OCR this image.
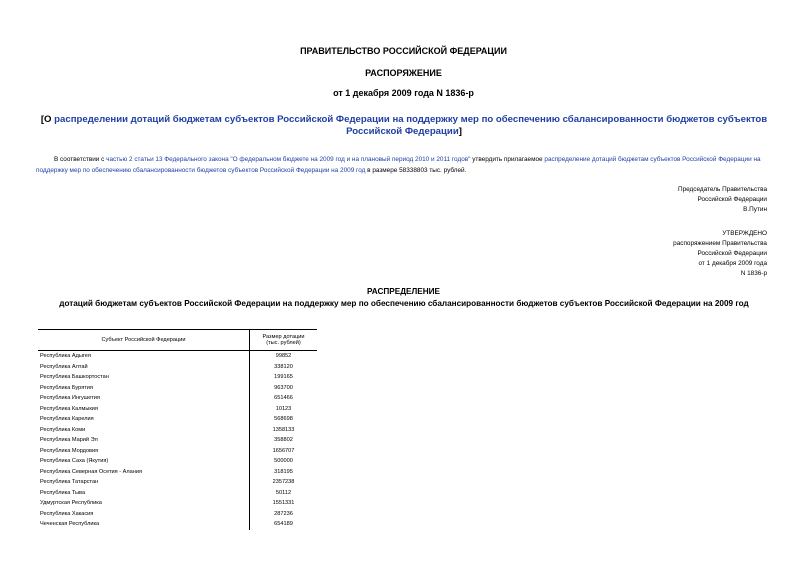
ПРАВИТЕЛЬСТВО РОССИЙСКОЙ ФЕДЕРАЦИИ
РАСПОРЯЖЕНИЕ
от 1 декабря 2009 года N 1836-р
[О распределении дотаций бюджетам субъектов Российской Федерации на поддержку мер по обеспечению сбалансированности бюджетов субъектов Российской Федерации]
В соответствии с частью 2 статьи 13 Федерального закона "О федеральном бюджете на 2009 год и на плановый период 2010 и 2011 годов" утвердить прилагаемое распределение дотаций бюджетам субъектов Российской Федерации на поддержку мер по обеспечению сбалансированности бюджетов субъектов Российской Федерации на 2009 год в размере 58338803 тыс. рублей.
Председатель Правительства
Российской Федерации
В.Путин
УТВЕРЖДЕНО
распоряжением Правительства
Российской Федерации
от 1 декабря 2009 года
N 1836-р
РАСПРЕДЕЛЕНИЕ
дотаций бюджетам субъектов Российской Федерации на поддержку мер по обеспечению сбалансированности бюджетов субъектов Российской Федерации на 2009 год
Субъект Российской Федерации	Размер дотации
(тыс. рублей)

Республика Адыгея	99852
Республика Алтай	338120
Республика Башкортостан	199165
Республика Бурятия	963700
Республика Ингушетия	651466
Республика Калмыкия	10123
Республика Карелия	568698
Республика Коми	1358133
Республика Марий Эл	358802
Республика Мордовия	1656707
Республика Саха (Якутия)	500000
Республика Северная Осетия - Алания	318195
Республика Татарстан	2357238
Республика Тыва	50112
Удмуртская Республика	1551331
Республика Хакасия	287236
Чеченская Республика	654189
